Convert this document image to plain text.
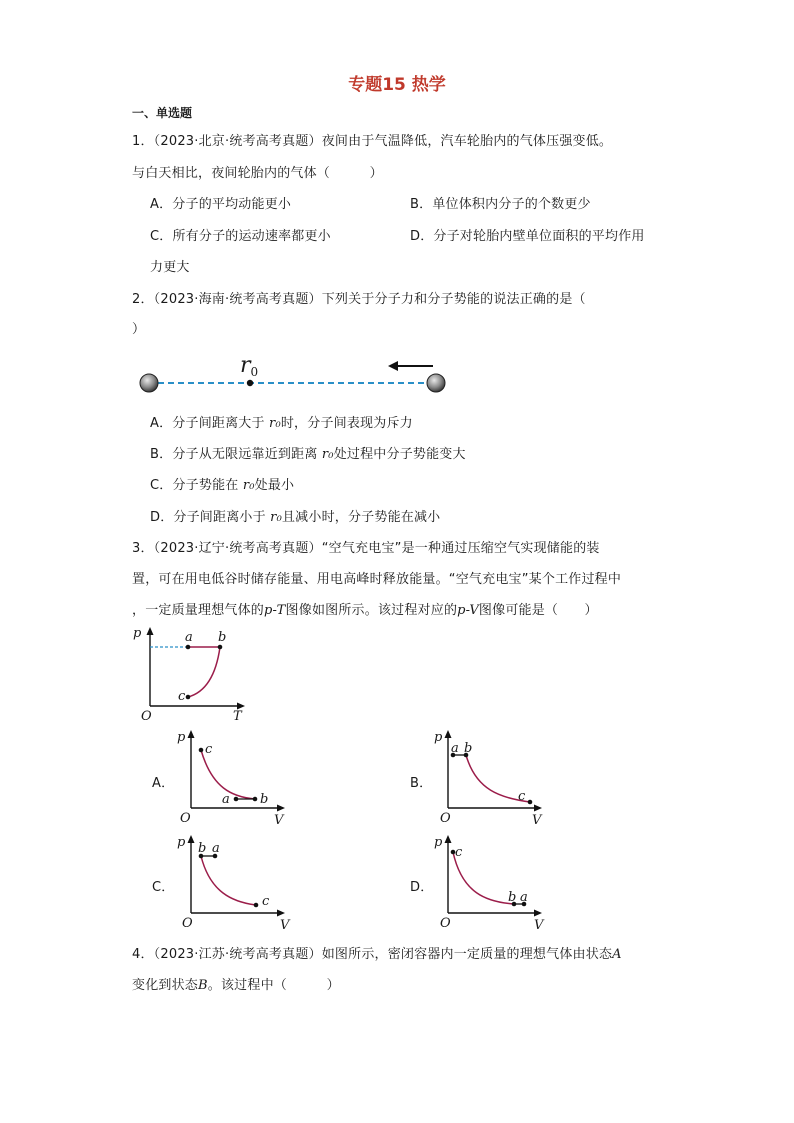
专题15 热学
一、单选题
1．（2023·北京·统考高考真题）夜间由于气温降低，汽车轮胎内的气体压强变低。
与白天相比，夜间轮胎内的气体（　　　）
A．分子的平均动能更小	B．单位体积内分子的个数更少
C．所有分子的运动速率都更小	D．分子对轮胎内壁单位面积的平均作用
力更大
2．（2023·海南·统考高考真题）下列关于分子力和分子势能的说法正确的是（
）
r0
A．分子间距离大于 r₀时，分子间表现为斥力
B．分子从无限远靠近到距离 r₀处过程中分子势能变大
C．分子势能在 r₀处最小
D．分子间距离小于 r₀且减小时，分子势能在减小
3．（2023·辽宁·统考高考真题）“空气充电宝”是一种通过压缩空气实现储能的装
置，可在用电低谷时储存能量、用电高峰时释放能量。“空气充电宝”某个工作过程中
，一定质量理想气体的p-T图像如图所示。该过程对应的p-V图像可能是（　　）
p
O	T
a b
c
A．
p
O	V
c
a b
B．
p
O	V
a b
c
C．
p
O	V
b a
c
D．
p
O	V
c
b a
4．（2023·江苏·统考高考真题）如图所示，密闭容器内一定质量的理想气体由状态A
变化到状态B。该过程中（　　　）
